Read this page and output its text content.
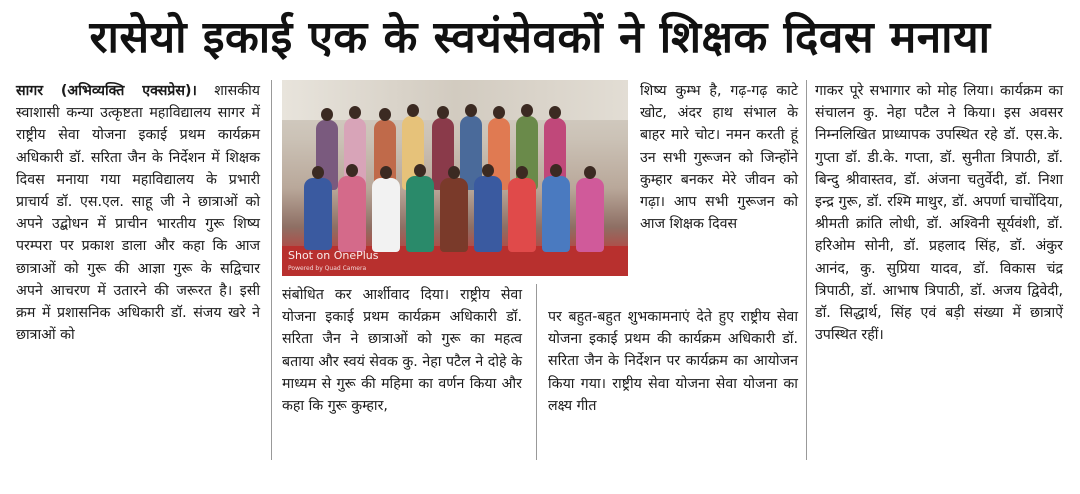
रासेयो इकाई एक के स्वयंसेवकों ने शिक्षक दिवस मनाया

सागर (अभिव्यक्ति एक्सप्रेस)। शासकीय स्वाशासी कन्या उत्कृष्टता महाविद्यालय सागर में राष्ट्रीय सेवा योजना इकाई प्रथम कार्यक्रम अधिकारी डॉ. सरिता जैन के निर्देशन में शिक्षक दिवस मनाया गया महाविद्यालय के प्रभारी प्राचार्य डॉ. एस.एल. साहू जी ने छात्राओं को अपने उद्बोधन में प्राचीन भारतीय गुरू शिष्य परम्परा पर प्रकाश डाला और कहा कि आज छात्राओं को गुरू की आज्ञा गुरू के सद्विचार अपने आचरण में उतारने की जरूरत है। इसी क्रम में प्रशासनिक अधिकारी डॉ. संजय खरे ने छात्राओं को

Shot on OnePlus
Powered by Quad Camera

शिष्य कुम्भ है, गढ़-गढ़ काटे खोट, अंदर हाथ संभाल के बाहर मारे चोट। नमन करती हूं उन सभी गुरूजन को जिन्होंने कुम्हार बनकर मेरे जीवन को गढ़ा। आप सभी गुरूजन को आज शिक्षक दिवस

संबोधित कर आर्शीवाद दिया। राष्ट्रीय सेवा योजना इकाई प्रथम कार्यक्रम अधिकारी डॉ. सरिता जैन ने छात्राओं को गुरू का महत्व बताया और स्वयं सेवक कु. नेहा पटैल ने दोहे के माध्यम से गुरू की महिमा का वर्णन किया और कहा कि गुरू कुम्हार,

पर बहुत-बहुत शुभकामनाएं देते हुए राष्ट्रीय सेवा योजना इकाई प्रथम की कार्यक्रम अधिकारी डॉ. सरिता जैन के निर्देशन पर कार्यक्रम का आयोजन किया गया। राष्ट्रीय सेवा योजना सेवा योजना का लक्ष्य गीत

गाकर पूरे सभागार को मोह लिया। कार्यक्रम का संचालन कु. नेहा पटैल ने किया। इस अवसर निम्नलिखित प्राध्यापक उपस्थित रहे डॉ. एस.के. गुप्ता डॉ. डी.के. गप्ता, डॉ. सुनीता त्रिपाठी, डॉ. बिन्दु श्रीवास्तव, डॉ. अंजना चतुर्वेदी, डॉ. निशा इन्द्र गुरू, डॉ. रश्मि माथुर, डॉ. अपर्णा चाचोंदिया, श्रीमती क्रांति लोधी, डॉ. अश्विनी सूर्यवंशी, डॉ. हरिओम सोनी, डॉ. प्रहलाद सिंह, डॉ. अंकुर आनंद, कु. सुप्रिया यादव, डॉ. विकास चंद्र त्रिपाठी, डॉ. आभाष त्रिपाठी, डॉ. अजय द्विवेदी, डॉ. सिद्धार्थ, सिंह एवं बड़ी संख्या में छात्राऐं उपस्थित रहीं।
